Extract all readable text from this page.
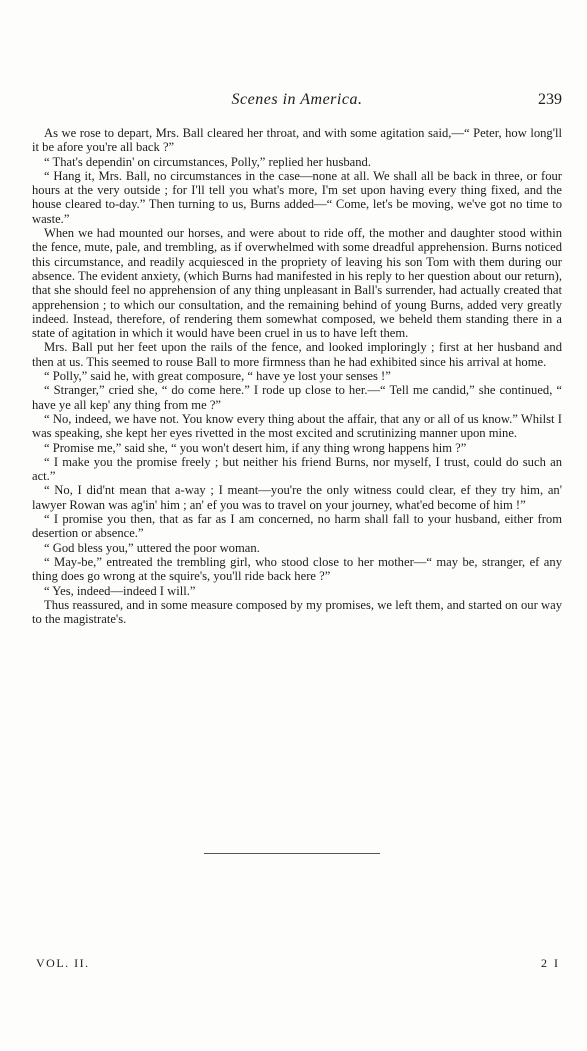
Scenes in America.	239

As we rose to depart, Mrs. Ball cleared her throat, and with some agitation said,—“ Peter, how long'll it be afore you're all back ?”

“ That's dependin' on circumstances, Polly,” replied her husband.

“ Hang it, Mrs. Ball, no circumstances in the case—none at all. We shall all be back in three, or four hours at the very outside ; for I'll tell you what's more, I'm set upon having every thing fixed, and the house cleared to-day.” Then turning to us, Burns added—“ Come, let's be moving, we've got no time to waste.”

When we had mounted our horses, and were about to ride off, the mother and daughter stood within the fence, mute, pale, and trembling, as if overwhelmed with some dreadful apprehension. Burns noticed this circumstance, and readily acquiesced in the propriety of leaving his son Tom with them during our absence. The evident anxiety, (which Burns had manifested in his reply to her question about our return), that she should feel no apprehension of any thing unpleasant in Ball's surrender, had actually created that apprehension ; to which our consultation, and the remaining behind of young Burns, added very greatly indeed. Instead, therefore, of rendering them somewhat composed, we beheld them standing there in a state of agitation in which it would have been cruel in us to have left them.

Mrs. Ball put her feet upon the rails of the fence, and looked imploringly ; first at her husband and then at us. This seemed to rouse Ball to more firmness than he had exhibited since his arrival at home.

“ Polly,” said he, with great composure, “ have ye lost your senses !”

“ Stranger,” cried she, “ do come here.” I rode up close to her.—“ Tell me candid,” she continued, “ have ye all kep' any thing from me ?”

“ No, indeed, we have not. You know every thing about the affair, that any or all of us know.” Whilst I was speaking, she kept her eyes rivetted in the most excited and scrutinizing manner upon mine.

“ Promise me,” said she, “ you won't desert him, if any thing wrong happens him ?”

“ I make you the promise freely ; but neither his friend Burns, nor myself, I trust, could do such an act.”

“ No, I did'nt mean that a-way ; I meant—you're the only witness could clear, ef they try him, an' lawyer Rowan was ag'in' him ; an' ef you was to travel on your journey, what'ed become of him !”

“ I promise you then, that as far as I am concerned, no harm shall fall to your husband, either from desertion or absence.”

“ God bless you,” uttered the poor woman.

“ May-be,” entreated the trembling girl, who stood close to her mother—“ may be, stranger, ef any thing does go wrong at the squire's, you'll ride back here ?”

“ Yes, indeed—indeed I will.”

Thus reassured, and in some measure composed by my promises, we left them, and started on our way to the magistrate's.

VOL. II.	2 I
